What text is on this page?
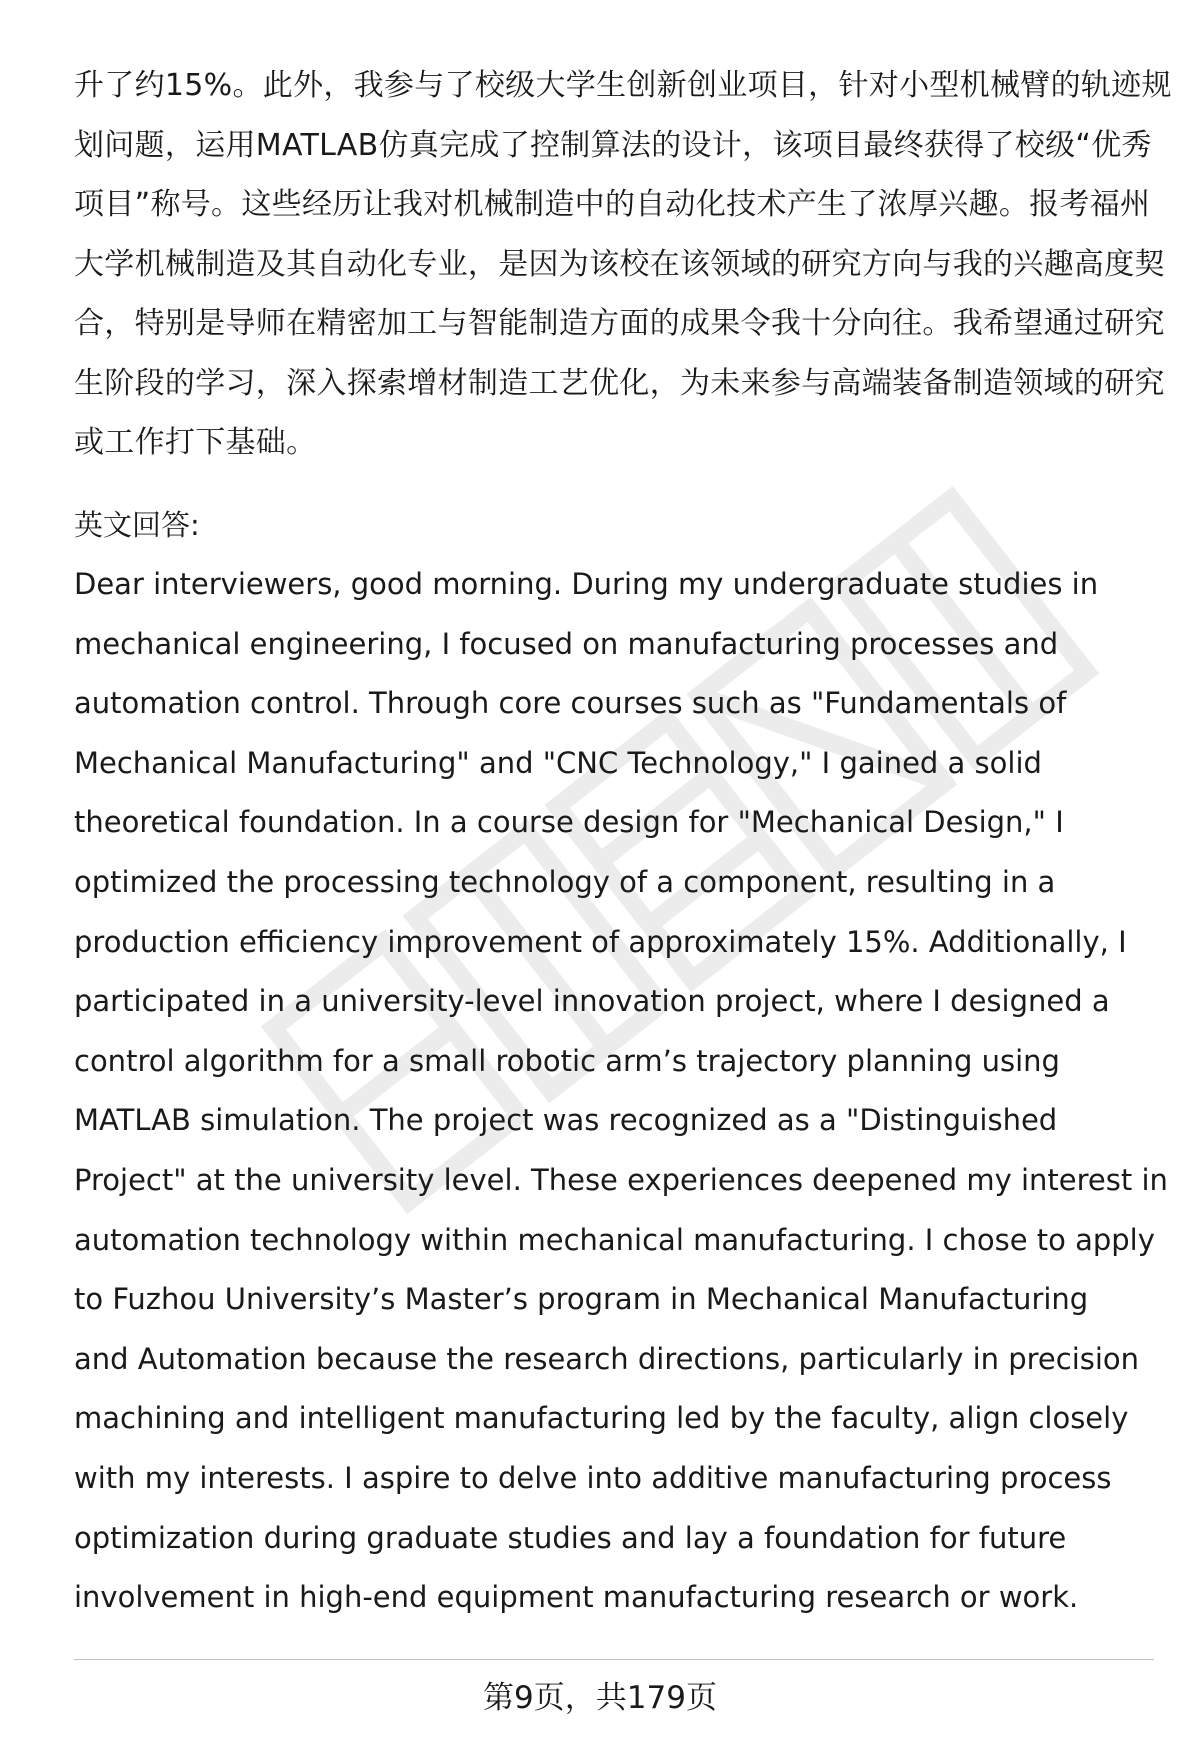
升了约15%。此外，我参与了校级大学生创新创业项目，针对小型机械臂的轨迹规
划问题，运用MATLAB仿真完成了控制算法的设计，该项目最终获得了校级“优秀
项目”称号。这些经历让我对机械制造中的自动化技术产生了浓厚兴趣。报考福州
大学机械制造及其自动化专业，是因为该校在该领域的研究方向与我的兴趣高度契
合，特别是导师在精密加工与智能制造方面的成果令我十分向往。我希望通过研究
生阶段的学习，深入探索增材制造工艺优化，为未来参与高端装备制造领域的研究
或工作打下基础。

英文回答:

Dear interviewers, good morning. During my undergraduate studies in
mechanical engineering, I focused on manufacturing processes and
automation control. Through core courses such as "Fundamentals of
Mechanical Manufacturing" and "CNC Technology," I gained a solid
theoretical foundation. In a course design for "Mechanical Design," I
optimized the processing technology of a component, resulting in a
production efficiency improvement of approximately 15%. Additionally, I
participated in a university-level innovation project, where I designed a
control algorithm for a small robotic arm’s trajectory planning using
MATLAB simulation. The project was recognized as a "Distinguished
Project" at the university level. These experiences deepened my interest in
automation technology within mechanical manufacturing. I chose to apply
to Fuzhou University’s Master’s program in Mechanical Manufacturing
and Automation because the research directions, particularly in precision
machining and intelligent manufacturing led by the faculty, align closely
with my interests. I aspire to delve into additive manufacturing process
optimization during graduate studies and lay a foundation for future
involvement in high-end equipment manufacturing research or work.

第9页，共179页
